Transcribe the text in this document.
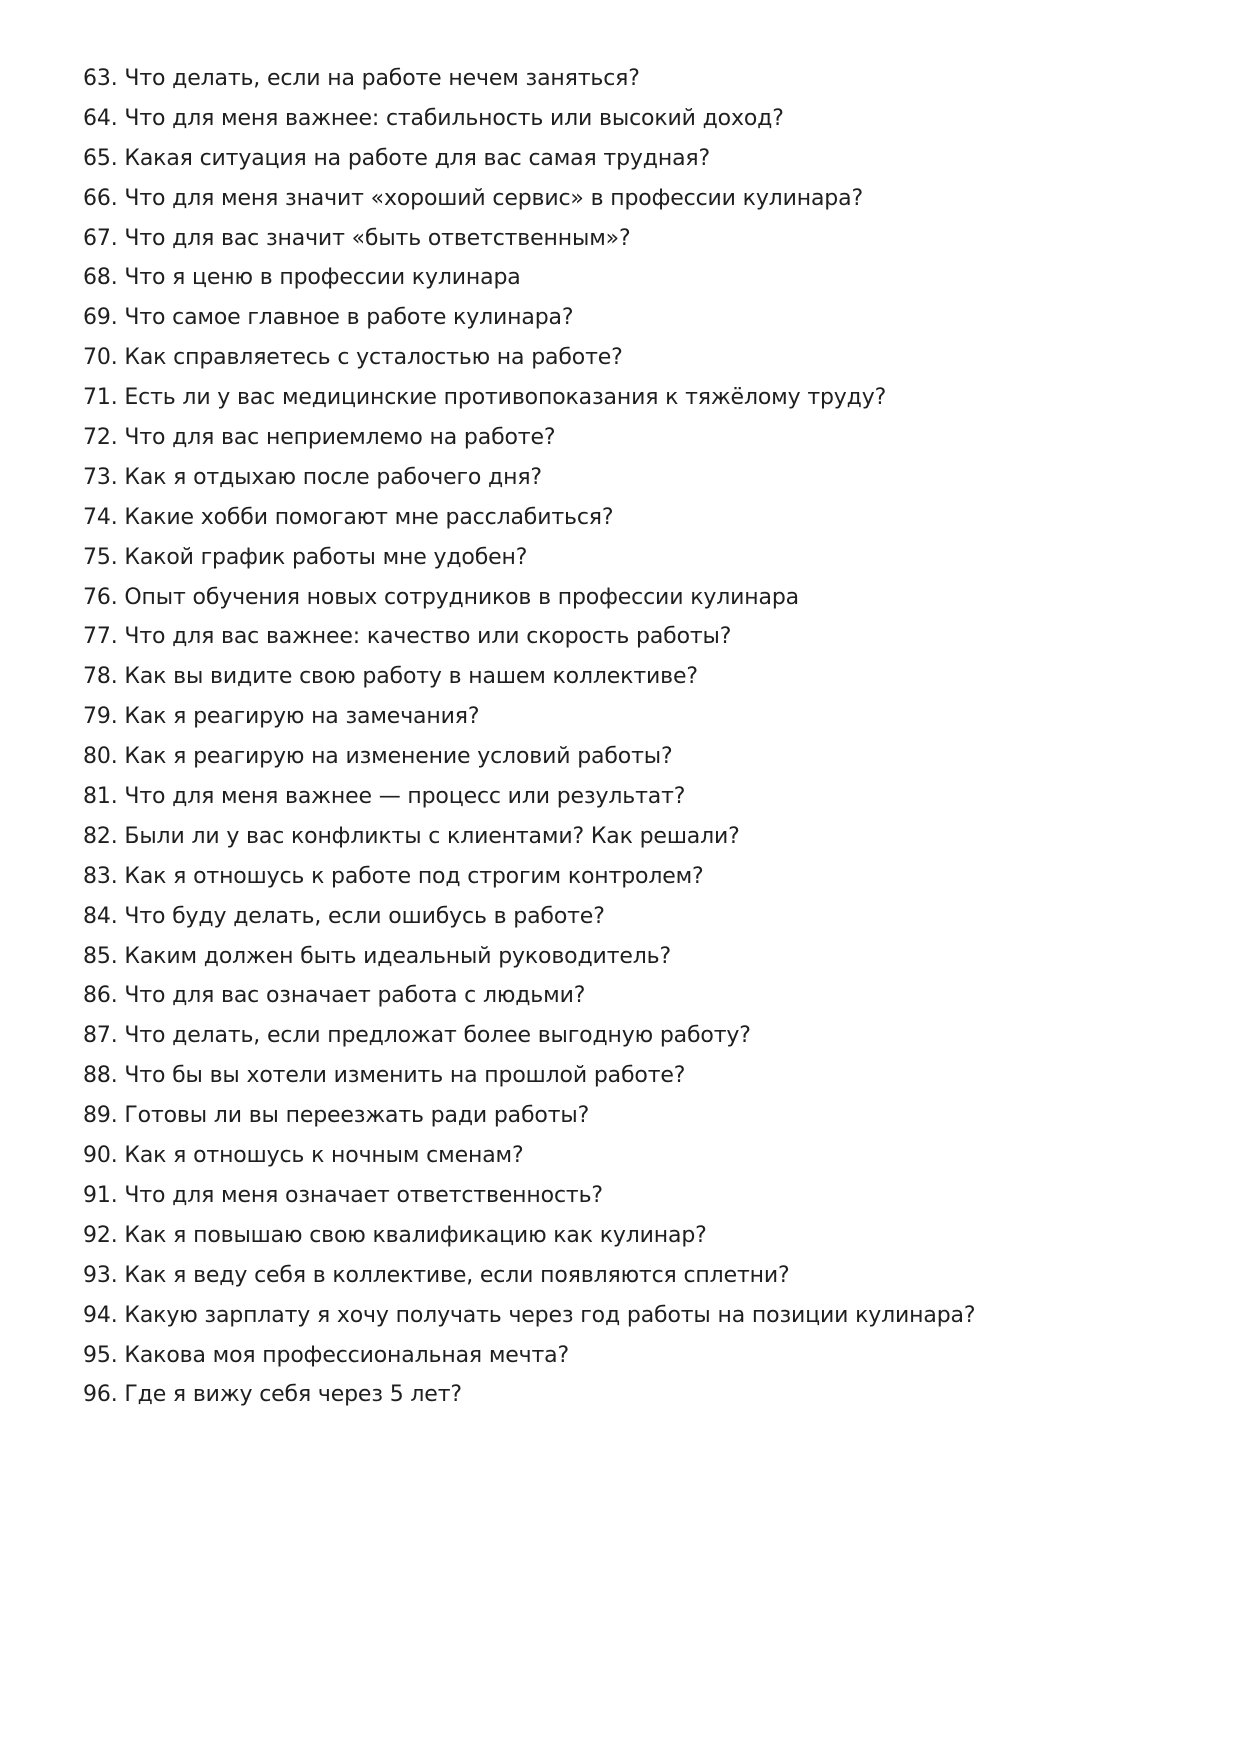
63. Что делать, если на работе нечем заняться?
64. Что для меня важнее: стабильность или высокий доход?
65. Какая ситуация на работе для вас самая трудная?
66. Что для меня значит «хороший сервис» в профессии кулинара?
67. Что для вас значит «быть ответственным»?
68. Что я ценю в профессии кулинара
69. Что самое главное в работе кулинара?
70. Как справляетесь с усталостью на работе?
71. Есть ли у вас медицинские противопоказания к тяжёлому труду?
72. Что для вас неприемлемо на работе?
73. Как я отдыхаю после рабочего дня?
74. Какие хобби помогают мне расслабиться?
75. Какой график работы мне удобен?
76. Опыт обучения новых сотрудников в профессии кулинара
77. Что для вас важнее: качество или скорость работы?
78. Как вы видите свою работу в нашем коллективе?
79. Как я реагирую на замечания?
80. Как я реагирую на изменение условий работы?
81. Что для меня важнее — процесс или результат?
82. Были ли у вас конфликты с клиентами? Как решали?
83. Как я отношусь к работе под строгим контролем?
84. Что буду делать, если ошибусь в работе?
85. Каким должен быть идеальный руководитель?
86. Что для вас означает работа с людьми?
87. Что делать, если предложат более выгодную работу?
88. Что бы вы хотели изменить на прошлой работе?
89. Готовы ли вы переезжать ради работы?
90. Как я отношусь к ночным сменам?
91. Что для меня означает ответственность?
92. Как я повышаю свою квалификацию как кулинар?
93. Как я веду себя в коллективе, если появляются сплетни?
94. Какую зарплату я хочу получать через год работы на позиции кулинара?
95. Какова моя профессиональная мечта?
96. Где я вижу себя через 5 лет?
